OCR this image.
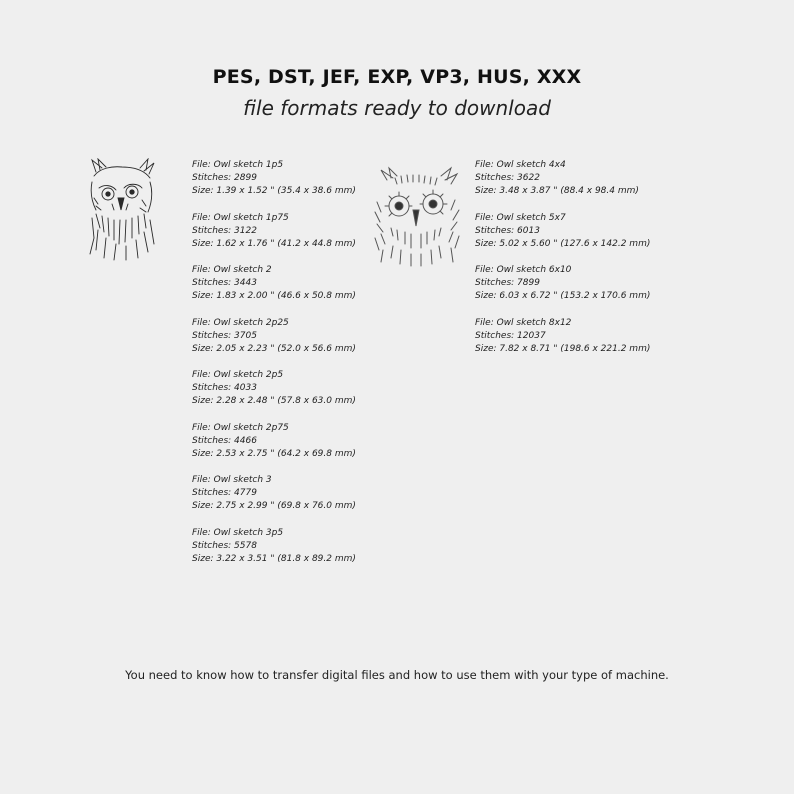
PES, DST, JEF, EXP, VP3, HUS, XXX
file formats ready to download
File: Owl sketch 1p5
Stitches: 2899
Size: 1.39 x 1.52 " (35.4 x 38.6 mm)
File: Owl sketch 1p75
Stitches: 3122
Size: 1.62 x 1.76 " (41.2 x 44.8 mm)
File: Owl sketch 2
Stitches: 3443
Size: 1.83 x 2.00 " (46.6 x 50.8 mm)
File: Owl sketch 2p25
Stitches: 3705
Size: 2.05 x 2.23 " (52.0 x 56.6 mm)
File: Owl sketch 2p5
Stitches: 4033
Size: 2.28 x 2.48 " (57.8 x 63.0 mm)
File: Owl sketch 2p75
Stitches: 4466
Size: 2.53 x 2.75 " (64.2 x 69.8 mm)
File: Owl sketch 3
Stitches: 4779
Size: 2.75 x 2.99 " (69.8 x 76.0 mm)
File: Owl sketch 3p5
Stitches: 5578
Size: 3.22 x 3.51 " (81.8 x 89.2 mm)
File: Owl sketch 4x4
Stitches: 3622
Size: 3.48 x 3.87 " (88.4 x 98.4 mm)
File: Owl sketch 5x7
Stitches: 6013
Size: 5.02 x 5.60 " (127.6 x 142.2 mm)
File: Owl sketch 6x10
Stitches: 7899
Size: 6.03 x 6.72 " (153.2 x 170.6 mm)
File: Owl sketch 8x12
Stitches: 12037
Size: 7.82 x 8.71 " (198.6 x 221.2 mm)
You need to know how to transfer digital files and how to use them with your type of machine.
